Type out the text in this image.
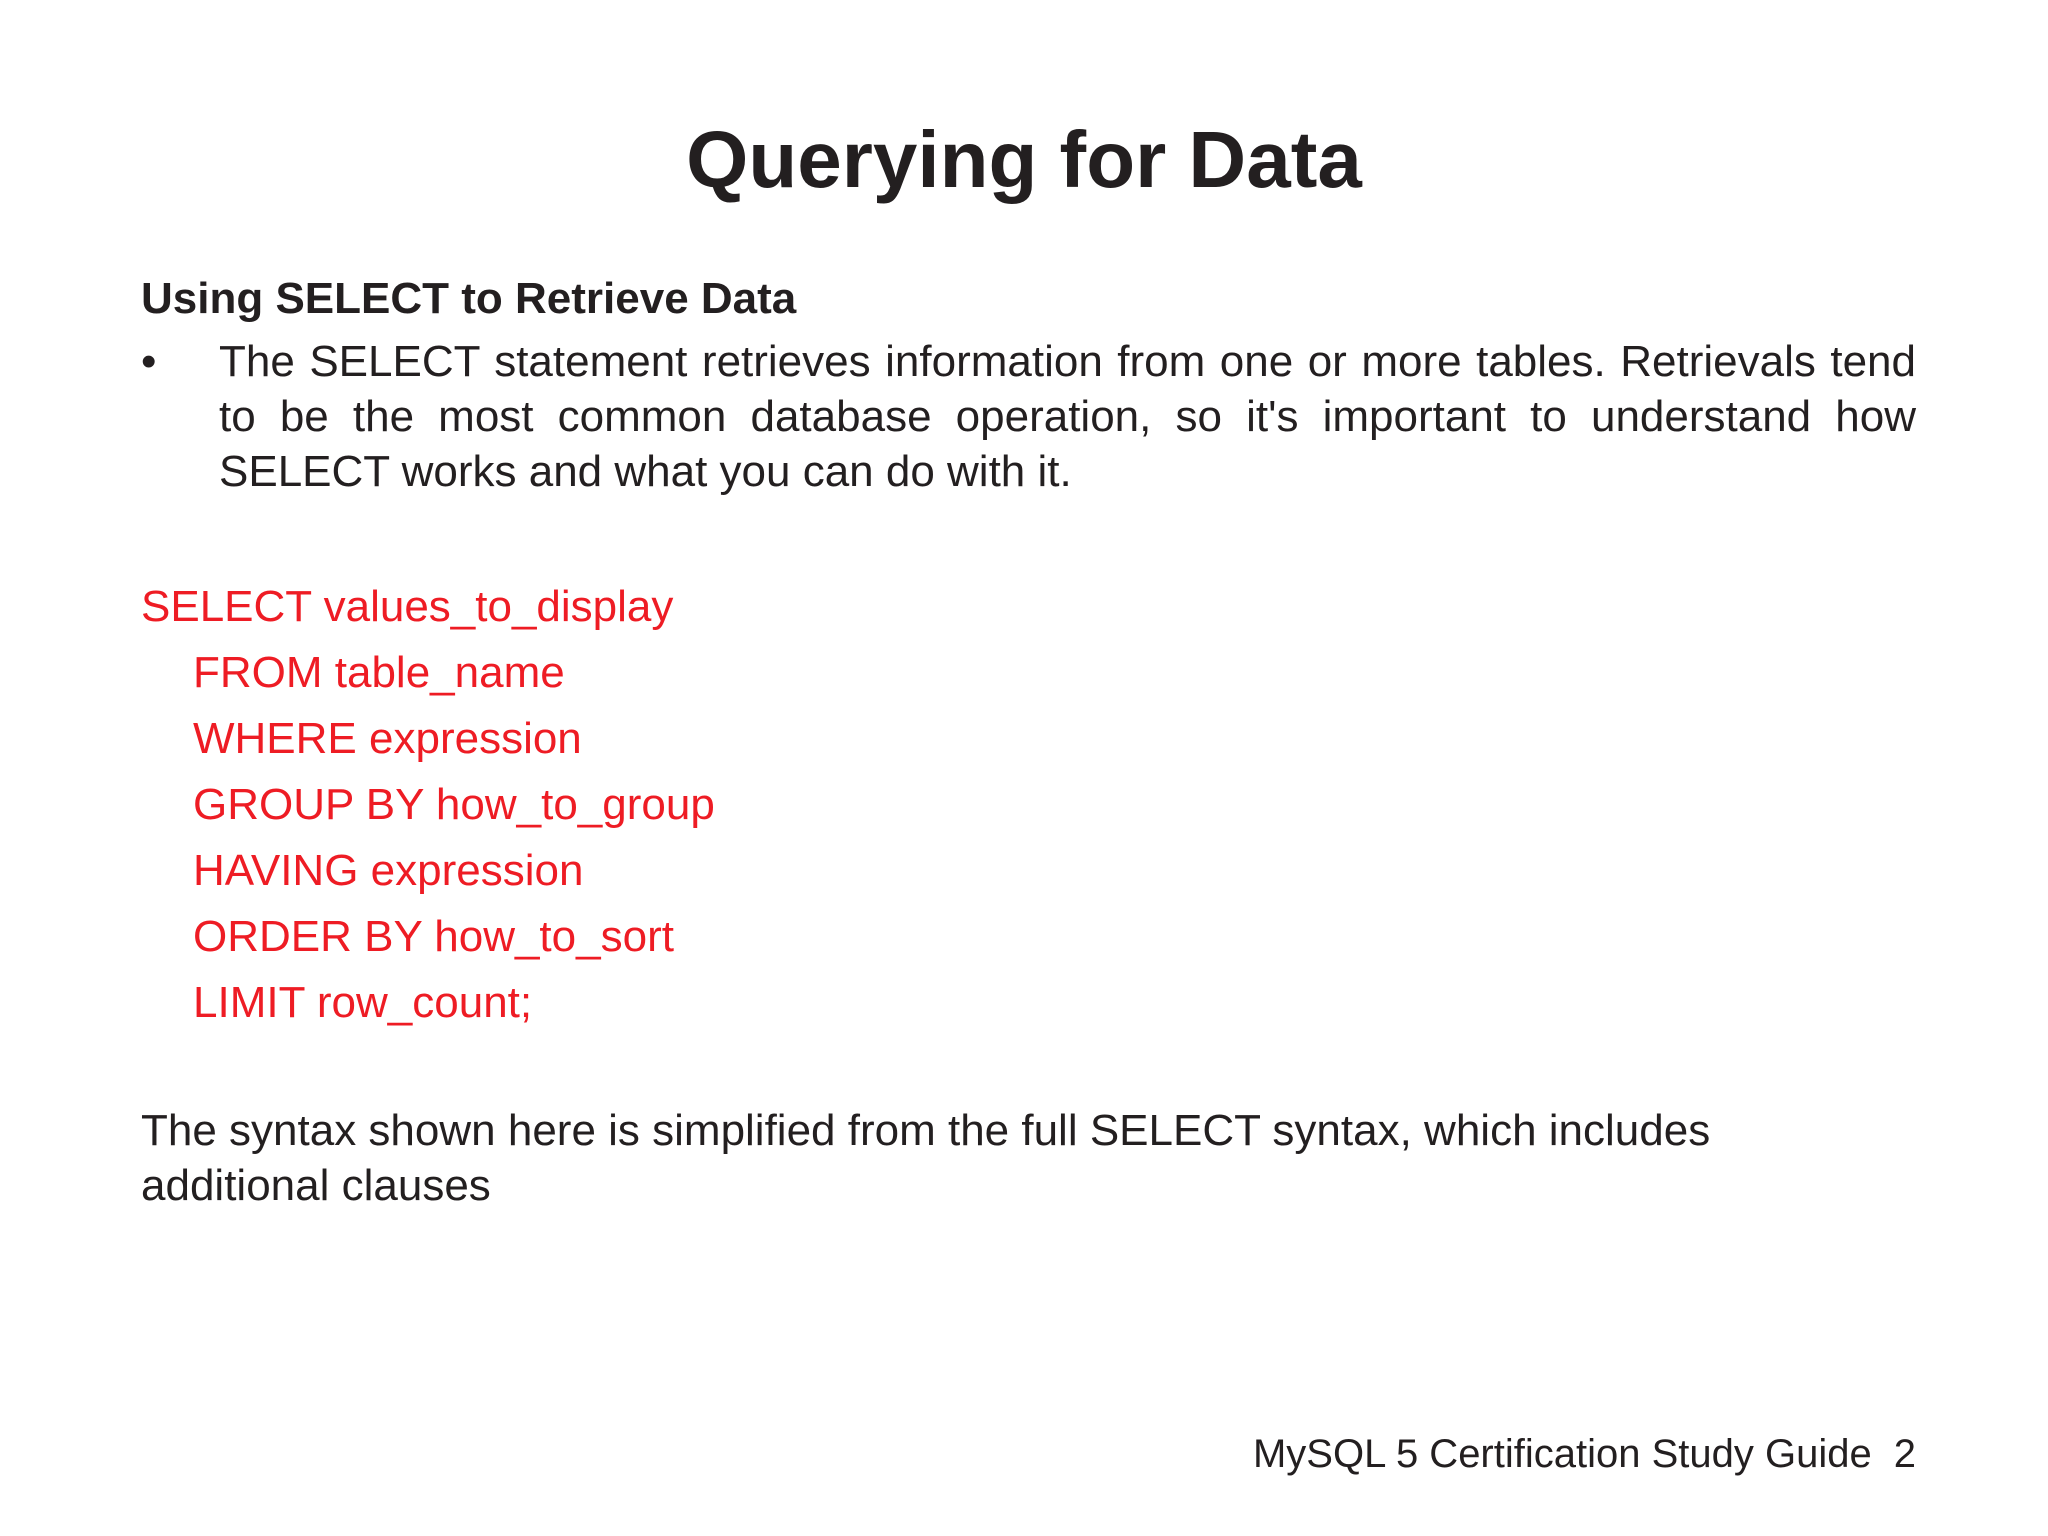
Querying for Data
Using SELECT to Retrieve Data
•	The SELECT statement retrieves information from one or more tables. Retrievals tend to be the most common database operation, so it's important to understand how SELECT works and what you can do with it.
SELECT values_to_display
FROM table_name
WHERE expression
GROUP BY how_to_group
HAVING expression
ORDER BY how_to_sort
LIMIT row_count;

The syntax shown here is simplified from the full SELECT syntax, which includes additional clauses

MySQL 5 Certification Study Guide 2
